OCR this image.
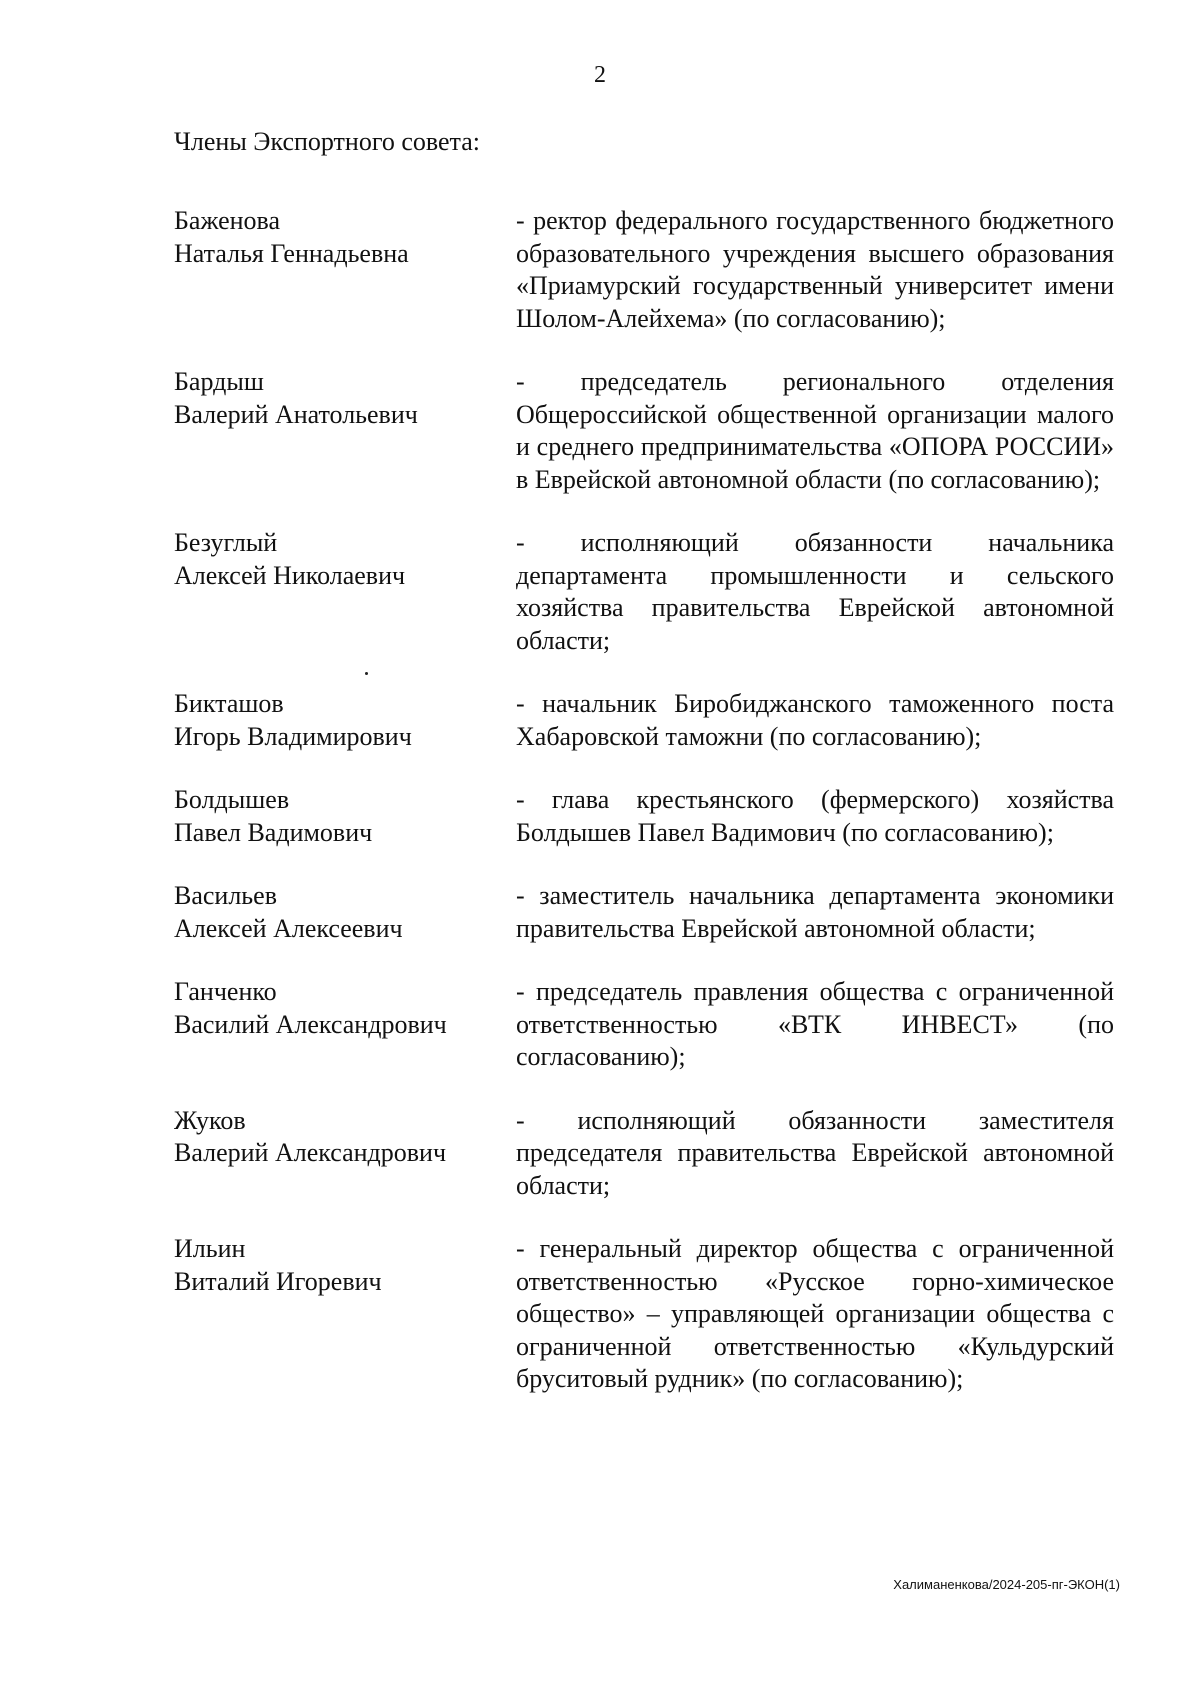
2
Члены Экспортного совета:
Баженова
Наталья Геннадьевна
- ректор федерального государственного бюджетного образовательного учреждения высшего образования «Приамурский государственный университет имени Шолом-Алейхема» (по согласованию);
Бардыш
Валерий Анатольевич
- председатель регионального отделения Общероссийской общественной организации малого и среднего предпринимательства «ОПОРА РОССИИ» в Еврейской автономной области (по согласованию);
Безуглый
Алексей Николаевич
- исполняющий обязанности начальника департамента промышленности и сельского хозяйства правительства Еврейской автономной области;
Бикташов
Игорь Владимирович
- начальник Биробиджанского таможенного поста Хабаровской таможни (по согласованию);
Болдышев
Павел Вадимович
- глава крестьянского (фермерского) хозяйства Болдышев Павел Вадимович (по согласованию);
Васильев
Алексей Алексеевич
- заместитель начальника департамента экономики правительства Еврейской автономной области;
Ганченко
Василий Александрович
- председатель правления общества с ограниченной ответственностью «ВТК ИНВЕСТ» (по согласованию);
Жуков
Валерий Александрович
- исполняющий обязанности заместителя председателя правительства Еврейской автономной области;
Ильин
Виталий Игоревич
- генеральный директор общества с ограниченной ответственностью «Русское горно-химическое общество» – управляющей организации общества с ограниченной ответственностью «Кульдурский бруситовый рудник» (по согласованию);
Халиманенкова/2024-205-пг-ЭКОН(1)
